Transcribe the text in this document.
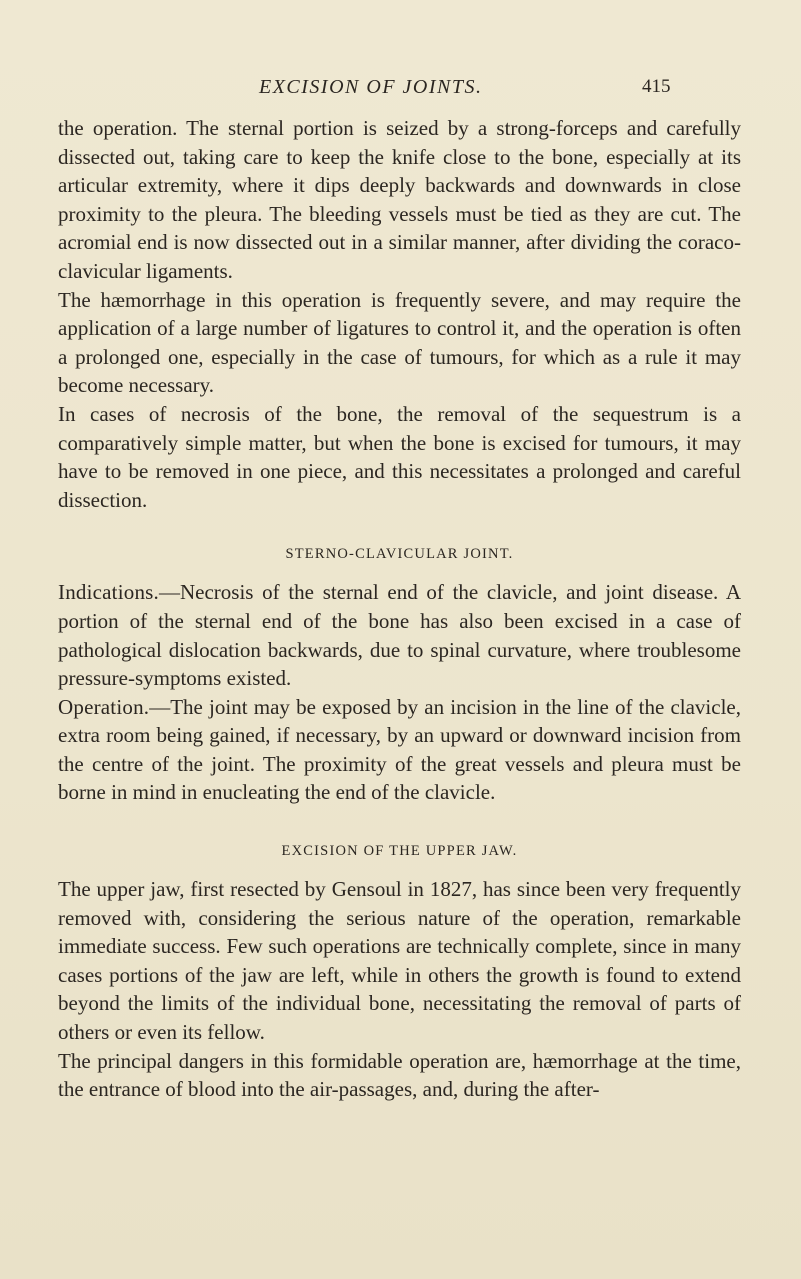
EXCISION OF JOINTS.	415

the operation. The sternal portion is seized by a strong-forceps and carefully dissected out, taking care to keep the knife close to the bone, especially at its articular extremity, where it dips deeply backwards and downwards in close proximity to the pleura. The bleeding vessels must be tied as they are cut. The acromial end is now dissected out in a similar manner, after dividing the coraco-clavicular ligaments.

The hæmorrhage in this operation is frequently severe, and may require the application of a large number of ligatures to control it, and the operation is often a prolonged one, especially in the case of tumours, for which as a rule it may become necessary.

In cases of necrosis of the bone, the removal of the sequestrum is a comparatively simple matter, but when the bone is excised for tumours, it may have to be removed in one piece, and this necessitates a prolonged and careful dissection.

STERNO-CLAVICULAR JOINT.

Indications.—Necrosis of the sternal end of the clavicle, and joint disease. A portion of the sternal end of the bone has also been excised in a case of pathological dislocation backwards, due to spinal curvature, where troublesome pressure-symptoms existed.

Operation.—The joint may be exposed by an incision in the line of the clavicle, extra room being gained, if necessary, by an upward or downward incision from the centre of the joint. The proximity of the great vessels and pleura must be borne in mind in enucleating the end of the clavicle.

EXCISION OF THE UPPER JAW.

The upper jaw, first resected by Gensoul in 1827, has since been very frequently removed with, considering the serious nature of the operation, remarkable immediate success. Few such operations are technically complete, since in many cases portions of the jaw are left, while in others the growth is found to extend beyond the limits of the individual bone, necessitating the removal of parts of others or even its fellow.

The principal dangers in this formidable operation are, hæmorrhage at the time, the entrance of blood into the air-passages, and, during the after-
